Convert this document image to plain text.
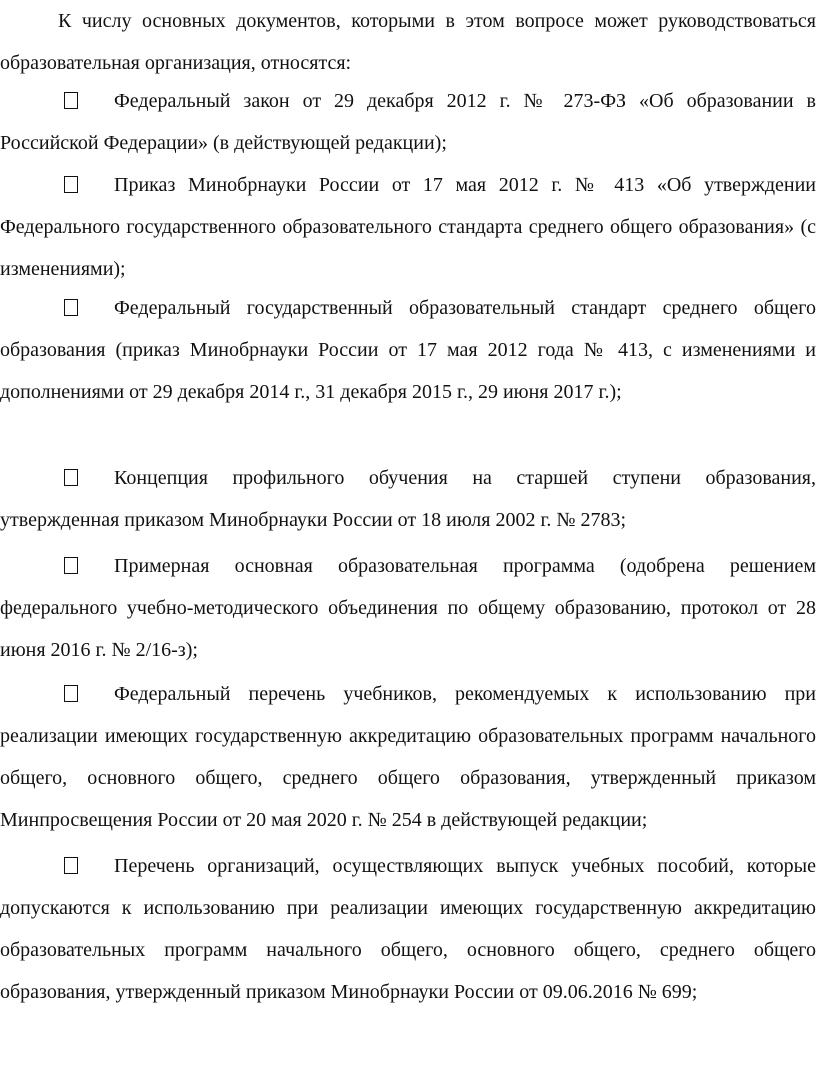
К числу основных документов, которыми в этом вопросе может руководствоваться образовательная организация, относятся:

Федеральный закон от 29 декабря 2012 г. № 273-ФЗ «Об образовании в Российской Федерации» (в действующей редакции);

Приказ Минобрнауки России от 17 мая 2012 г. № 413 «Об утверждении Федерального государственного образовательного стандарта среднего общего образования» (с изменениями);

Федеральный государственный образовательный стандарт среднего общего образования (приказ Минобрнауки России от 17 мая 2012 года № 413, с изменениями и дополнениями от 29 декабря 2014 г., 31 декабря 2015 г., 29 июня 2017 г.);

Концепция профильного обучения на старшей ступени образования, утвержденная приказом Минобрнауки России от 18 июля 2002 г. № 2783;

Примерная основная образовательная программа (одобрена решением федерального учебно-методического объединения по общему образованию, протокол от 28 июня 2016 г. № 2/16-з);

Федеральный перечень учебников, рекомендуемых к использованию при реализации имеющих государственную аккредитацию образовательных программ начального общего, основного общего, среднего общего образования, утвержденный приказом Минпросвещения России от 20 мая 2020 г. № 254 в действующей редакции;

Перечень организаций, осуществляющих выпуск учебных пособий, которые допускаются к использованию при реализации имеющих государственную аккредитацию образовательных программ начального общего, основного общего, среднего общего образования, утвержденный приказом Минобрнауки России от 09.06.2016 № 699;
